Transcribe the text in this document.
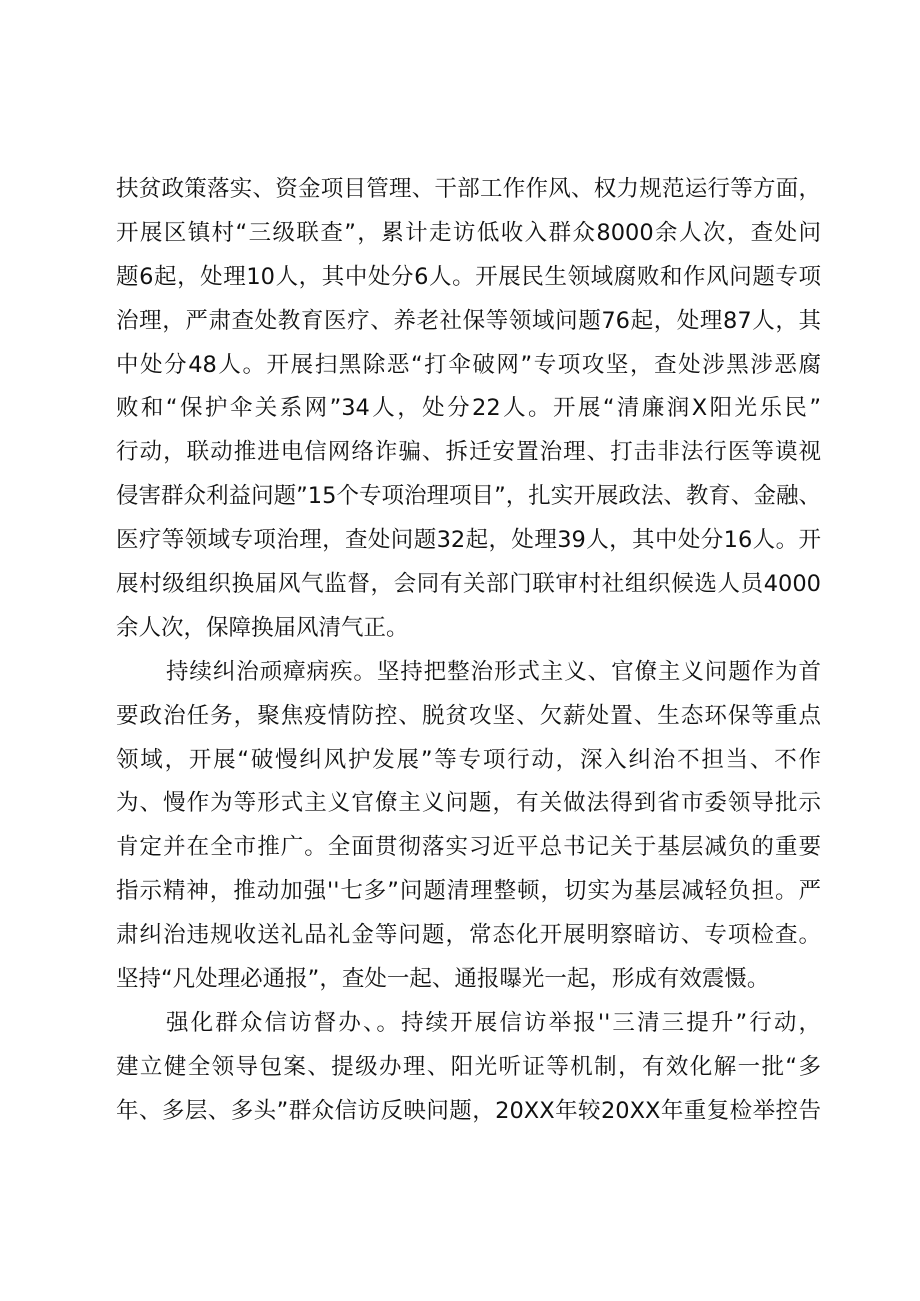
扶贫政策落实、资金项目管理、干部工作作风、权力规范运行等方面，
开展区镇村“三级联查”，累计走访低收入群众8000余人次，查处问
题6起，处理10人，其中处分6人。开展民生领域腐败和作风问题专项
治理，严肃查处教育医疗、养老社保等领域问题76起，处理87人，其
中处分48人。开展扫黑除恶“打伞破网”专项攻坚，查处涉黑涉恶腐
败和“保护伞关系网”34人，处分22人。开展“清廉润X阳光乐民”
行动，联动推进电信网络诈骗、拆迁安置治理、打击非法行医等谟视
侵害群众利益问题”15个专项治理项目”，扎实开展政法、教育、金融、
医疗等领域专项治理，查处问题32起，处理39人，其中处分16人。开
展村级组织换届风气监督，会同有关部门联审村社组织候选人员4000
余人次，保障换届风清气正。
持续纠治顽瘴病疾。坚持把整治形式主义、官僚主义问题作为首
要政治任务，聚焦疫情防控、脱贫攻坚、欠薪处置、生态环保等重点
领域，开展“破慢纠风护发展”等专项行动，深入纠治不担当、不作
为、慢作为等形式主义官僚主义问题，有关做法得到省市委领导批示
肯定并在全市推广。全面贯彻落实习近平总书记关于基层减负的重要
指示精神，推动加强''七多”问题清理整顿，切实为基层减轻负担。严
肃纠治违规收送礼品礼金等问题，常态化开展明察暗访、专项检查。
坚持“凡处理必通报”，查处一起、通报曝光一起，形成有效震慑。
强化群众信访督办、。持续开展信访举报''三清三提升”行动，
建立健全领导包案、提级办理、阳光听证等机制，有效化解一批“多
年、多层、多头”群众信访反映问题，20XX年较20XX年重复检举控告
